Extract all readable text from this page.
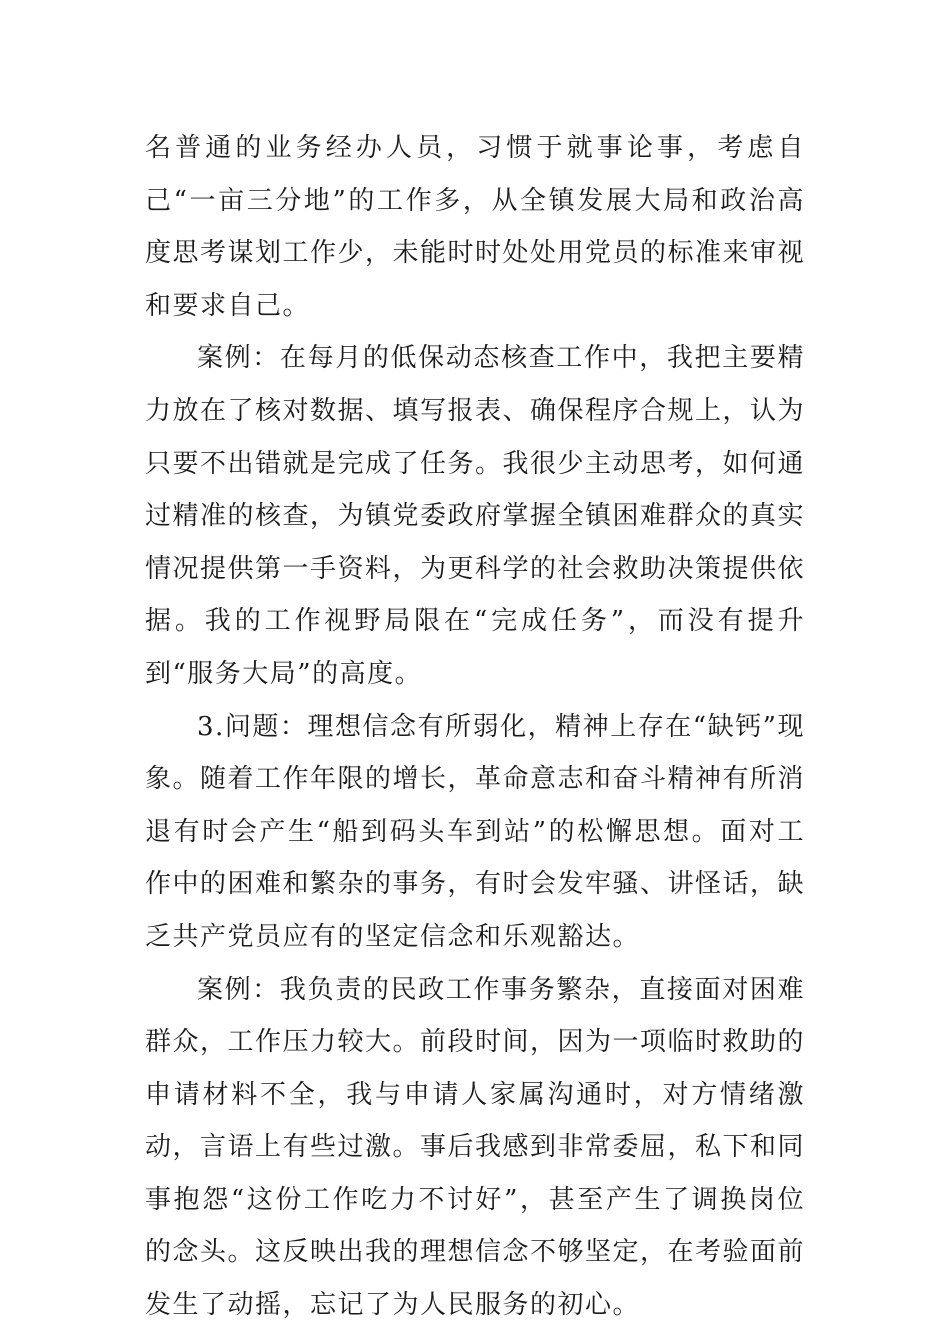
名普通的业务经办人员，习惯于就事论事，考虑自己“一亩三分地”的工作多，从全镇发展大局和政治高度思考谋划工作少，未能时时处处用党员的标准来审视和要求自己。

案例：在每月的低保动态核查工作中，我把主要精力放在了核对数据、填写报表、确保程序合规上，认为只要不出错就是完成了任务。我很少主动思考，如何通过精准的核查，为镇党委政府掌握全镇困难群众的真实情况提供第一手资料，为更科学的社会救助决策提供依据。我的工作视野局限在“完成任务”，而没有提升到“服务大局”的高度。

3.问题：理想信念有所弱化，精神上存在“缺钙”现象。随着工作年限的增长，革命意志和奋斗精神有所消退有时会产生“船到码头车到站”的松懈思想。面对工作中的困难和繁杂的事务，有时会发牢骚、讲怪话，缺乏共产党员应有的坚定信念和乐观豁达。

案例：我负责的民政工作事务繁杂，直接面对困难群众，工作压力较大。前段时间，因为一项临时救助的申请材料不全，我与申请人家属沟通时，对方情绪激动，言语上有些过激。事后我感到非常委屈，私下和同事抱怨“这份工作吃力不讨好”，甚至产生了调换岗位的念头。这反映出我的理想信念不够坚定，在考验面前发生了动摇，忘记了为人民服务的初心。
